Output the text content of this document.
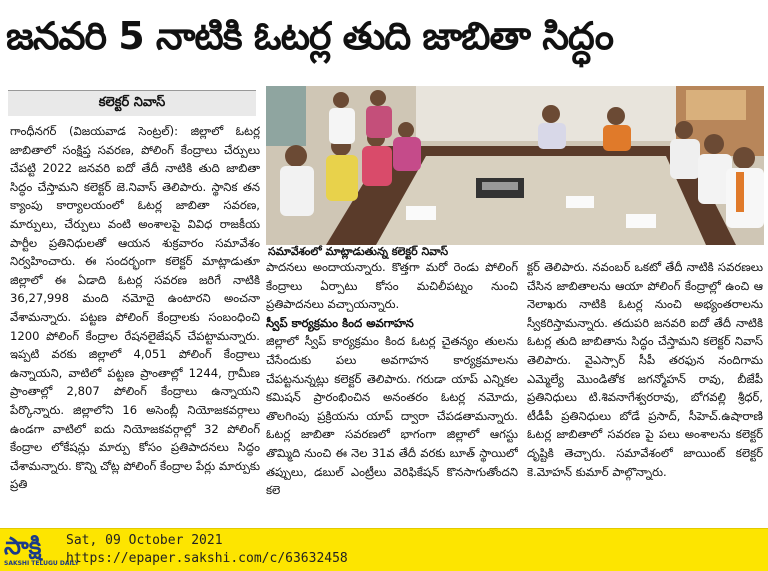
జనవరి 5 నాటికి ఓటర్ల తుది జాబితా సిద్ధం
కలెక్టర్ నివాస్

గాంధీనగర్ (విజయవాడ సెంట్రల్): జిల్లాలో ఓటర్ల జాబితాలో సంక్షిప్త సవరణ, పోలింగ్ కేంద్రాలు చేర్పులు చేపట్టి 2022 జనవరి ఐదో తేదీ నాటికి తుది జాబితా సిద్ధం చేస్తామని కలెక్టర్ జె.నివాస్ తెలిపారు. స్థానిక తన క్యాంపు కార్యాలయంలో ఓటర్ల జాబితా సవరణ, మార్పులు, చేర్పులు వంటి అంశాలపై వివిధ రాజకీయ పార్టీల ప్రతినిధులతో ఆయన శుక్రవారం సమావేశం నిర్వహించారు. ఈ సందర్భంగా కలెక్టర్ మాట్లాడుతూ జిల్లాలో ఈ ఏడాది ఓటర్ల సవరణ జరిగే నాటికి 36,27,998 మంది నమోదై ఉంటారని అంచనా వేశామన్నారు. పట్టణ పోలింగ్ కేంద్రాలకు సంబంధించి 1200 పోలింగ్ కేంద్రాల రేషనలైజేషన్ చేపట్టామన్నారు. ఇప్పటి వరకు జిల్లాలో 4,051 పోలింగ్ కేంద్రాలు ఉన్నాయని, వాటిలో పట్టణ ప్రాంతాల్లో 1244, గ్రామీణ ప్రాంతాల్లో 2,807 పోలింగ్ కేంద్రాలు ఉన్నాయని పేర్కొన్నారు. జిల్లాలోని 16 అసెంబ్లీ నియోజకవర్గాలు ఉండగా వాటిలో ఐదు నియోజకవర్గాల్లో 32 పోలింగ్ కేంద్రాల లోకేషన్లు మార్పు కోసం ప్రతిపాదనలు సిద్ధం చేశామన్నారు. కొన్ని చోట్ల పోలింగ్ కేంద్రాల పేర్లు మార్పుకు ప్రతి

సమావేశంలో మాట్లాడుతున్న కలెక్టర్ నివాస్

పాదనలు అందాయన్నారు. కొత్తగా మరో రెండు పోలింగ్ కేంద్రాలు ఏర్పాటు కోసం మచిలీపట్నం నుంచి ప్రతిపాదనలు వచ్చాయన్నారు.

స్వీప్ కార్యక్రమం కింద అవగాహన

జిల్లాలో స్వీప్ కార్యక్రమం కింద ఓటర్ల చైతన్యం తులను చేసేందుకు పలు అవగాహన కార్యక్రమాలను చేపట్టనున్నట్లు కలెక్టర్ తెలిపారు. గరుడా యాప్ ఎన్నికల కమిషన్ ప్రారంభించిన అనంతరం ఓటర్ల నమోదు, తొలగింపు ప్రక్రియను యాప్ ద్వారా చేపడతామన్నారు. ఓటర్ల జాబితా సవరణలో భాగంగా జిల్లాలో ఆగస్టు తొమ్మిది నుంచి ఈ నెల 31వ తేదీ వరకు బూత్ స్థాయిలో తప్పులు, డబుల్ ఎంట్రీలు వెరిఫికేషన్ కొనసాగుతోందని కలె

క్టర్ తెలిపారు. నవంబర్ ఒకటో తేదీ నాటికి సవరణలు చేసిన జాబితాలను ఆయా పోలింగ్ కేంద్రాల్లో ఉంచి ఆ నెలాఖరు నాటికి ఓటర్ల నుంచి అభ్యంతరాలను స్వీకరిస్తామన్నారు. తదుపరి జనవరి ఐదో తేదీ నాటికి ఓటర్ల తుది జాబితాను సిద్ధం చేస్తామని కలెక్టర్ నివాస్ తెలిపారు. వైఎస్సార్ సీపీ తరఫున నందిగామ ఎమ్మెల్యే మొండితోక జగన్మోహన్ రావు, బీజేపీ ప్రతినిధులు టి.శివనాగేశ్వరరావు, బోగవల్లి శ్రీధర్, టీడీపీ ప్రతినిధులు బోడే ప్రసాద్, సీహెచ్.ఉషారాణి ఓటర్ల జాబితాలో సవరణ పై పలు అంశాలను కలెక్టర్ దృష్టికి తెచ్చారు. సమావేశంలో జాయింట్ కలెక్టర్ కె.మోహన్ కుమార్ పాల్గొన్నారు.

సాక్షి
SAKSHI TELUGU DAILY
Sat, 09 October 2021
https://epaper.sakshi.com/c/63632458
